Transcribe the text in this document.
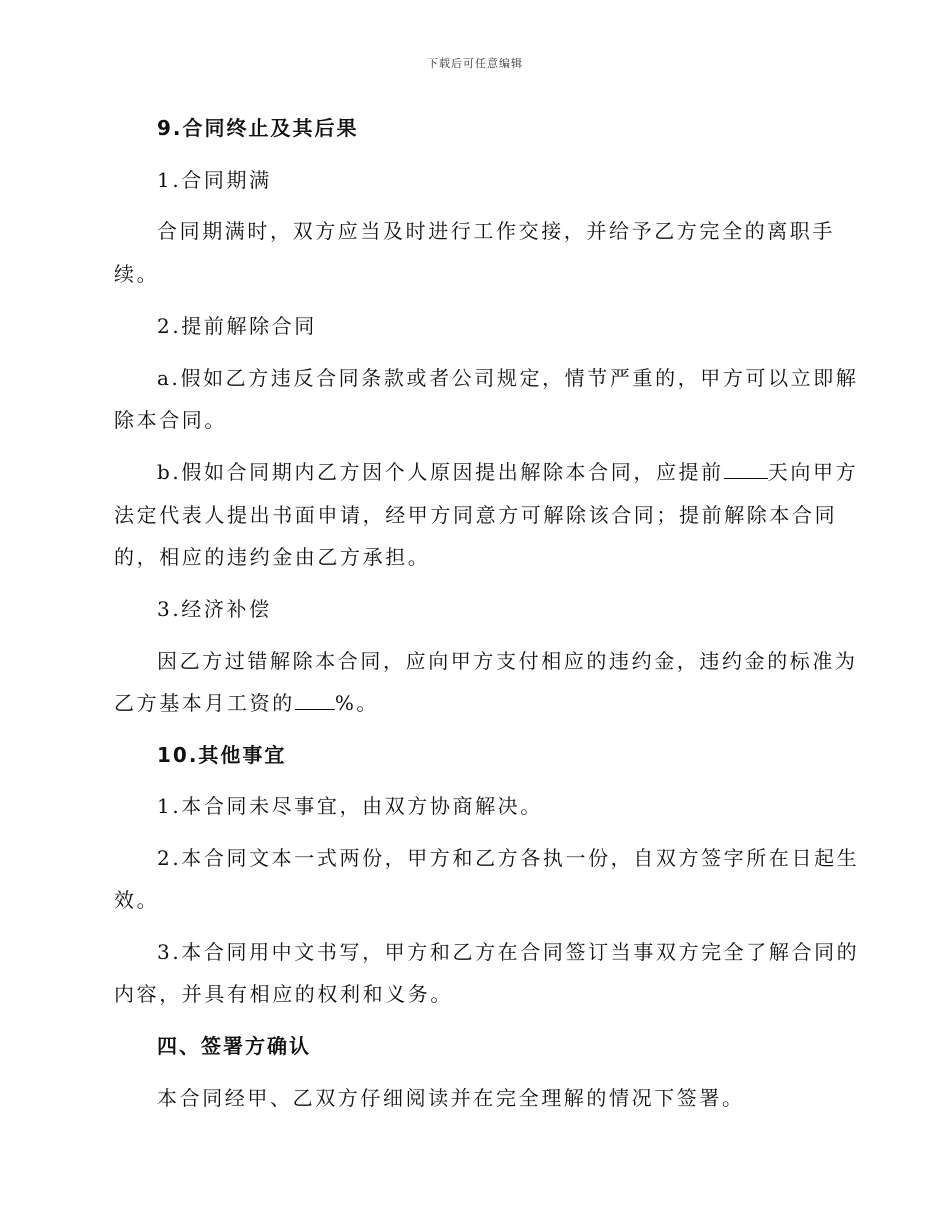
下载后可任意编辑
9.合同终止及其后果
1.合同期满
合同期满时，双方应当及时进行工作交接，并给予乙方完全的离职手
续。
2.提前解除合同
a.假如乙方违反合同条款或者公司规定，情节严重的，甲方可以立即解
除本合同。
b.假如合同期内乙方因个人原因提出解除本合同，应提前 天向甲方
法定代表人提出书面申请，经甲方同意方可解除该合同；提前解除本合同
的，相应的违约金由乙方承担。
3.经济补偿
因乙方过错解除本合同，应向甲方支付相应的违约金，违约金的标准为
乙方基本月工资的 %。
10.其他事宜
1.本合同未尽事宜，由双方协商解决。
2.本合同文本一式两份，甲方和乙方各执一份，自双方签字所在日起生
效。
3.本合同用中文书写，甲方和乙方在合同签订当事双方完全了解合同的
内容，并具有相应的权利和义务。
四、签署方确认
本合同经甲、乙双方仔细阅读并在完全理解的情况下签署。
